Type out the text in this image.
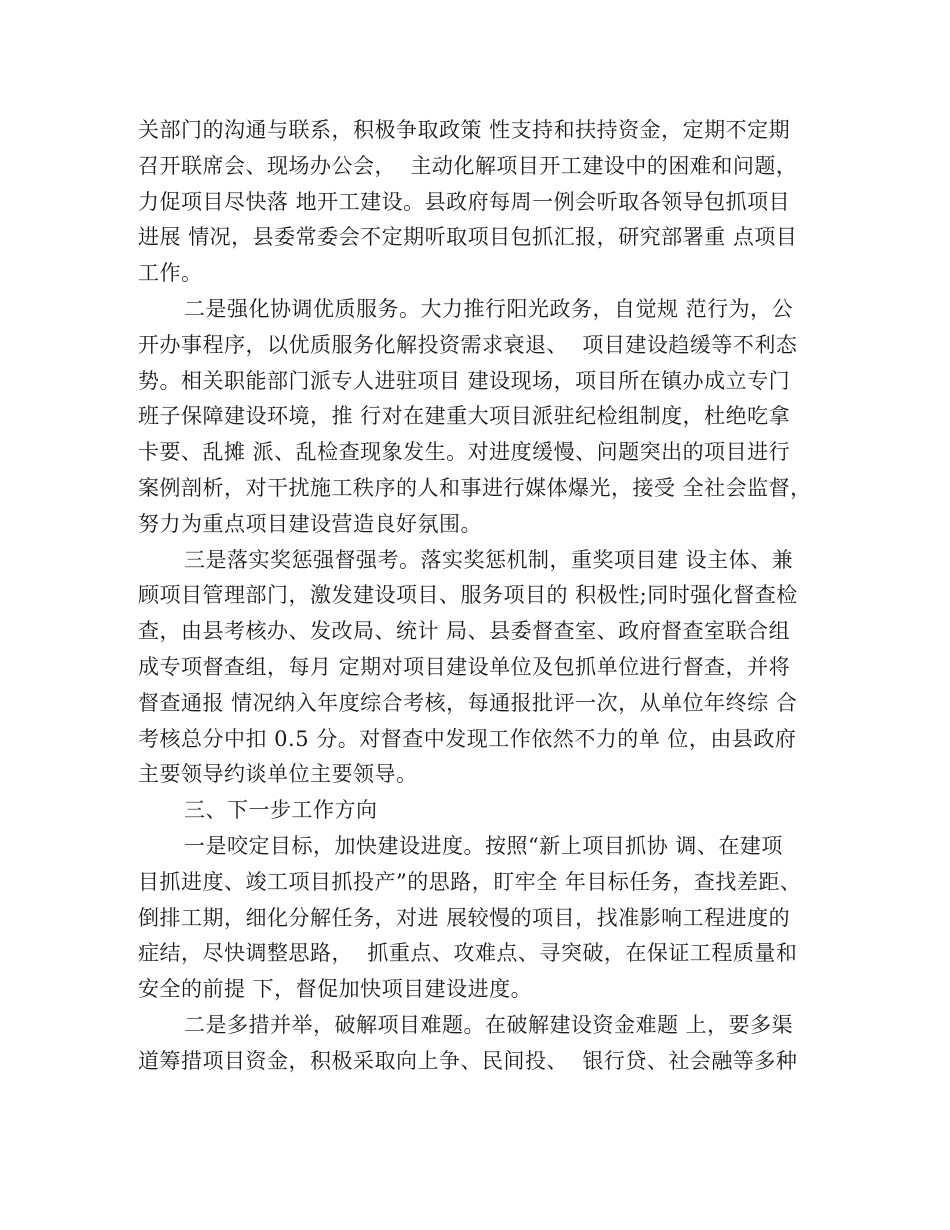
关部门的沟通与联系，积极争取政策 性支持和扶持资金，定期不定期
召开联席会、现场办公会，  主动化解项目开工建设中的困难和问题，
力促项目尽快落 地开工建设。县政府每周一例会听取各领导包抓项目
进展 情况，县委常委会不定期听取项目包抓汇报，研究部署重 点项目
工作。
二是强化协调优质服务。大力推行阳光政务，自觉规 范行为，公
开办事程序，以优质服务化解投资需求衰退、  项目建设趋缓等不利态
势。相关职能部门派专人进驻项目 建设现场，项目所在镇办成立专门
班子保障建设环境，推 行对在建重大项目派驻纪检组制度，杜绝吃拿
卡要、乱摊 派、乱检查现象发生。对进度缓慢、问题突出的项目进行
案例剖析，对干扰施工秩序的人和事进行媒体爆光，接受 全社会监督，
努力为重点项目建设营造良好氛围。
三是落实奖惩强督强考。落实奖惩机制，重奖项目建 设主体、兼
顾项目管理部门，激发建设项目、服务项目的 积极性;同时强化督查检
查，由县考核办、发改局、统计 局、县委督查室、政府督查室联合组
成专项督查组，每月 定期对项目建设单位及包抓单位进行督查，并将
督查通报 情况纳入年度综合考核，每通报批评一次，从单位年终综 合
考核总分中扣 0.5 分。对督查中发现工作依然不力的单 位，由县政府
主要领导约谈单位主要领导。
三、下一步工作方向
一是咬定目标，加快建设进度。按照“新上项目抓协 调、在建项
目抓进度、竣工项目抓投产”的思路，盯牢全 年目标任务，查找差距、
倒排工期，细化分解任务，对进 展较慢的项目，找准影响工程进度的
症结，尽快调整思路，  抓重点、攻难点、寻突破，在保证工程质量和
安全的前提 下，督促加快项目建设进度。
二是多措并举，破解项目难题。在破解建设资金难题 上，要多渠
道筹措项目资金，积极采取向上争、民间投、  银行贷、社会融等多种
